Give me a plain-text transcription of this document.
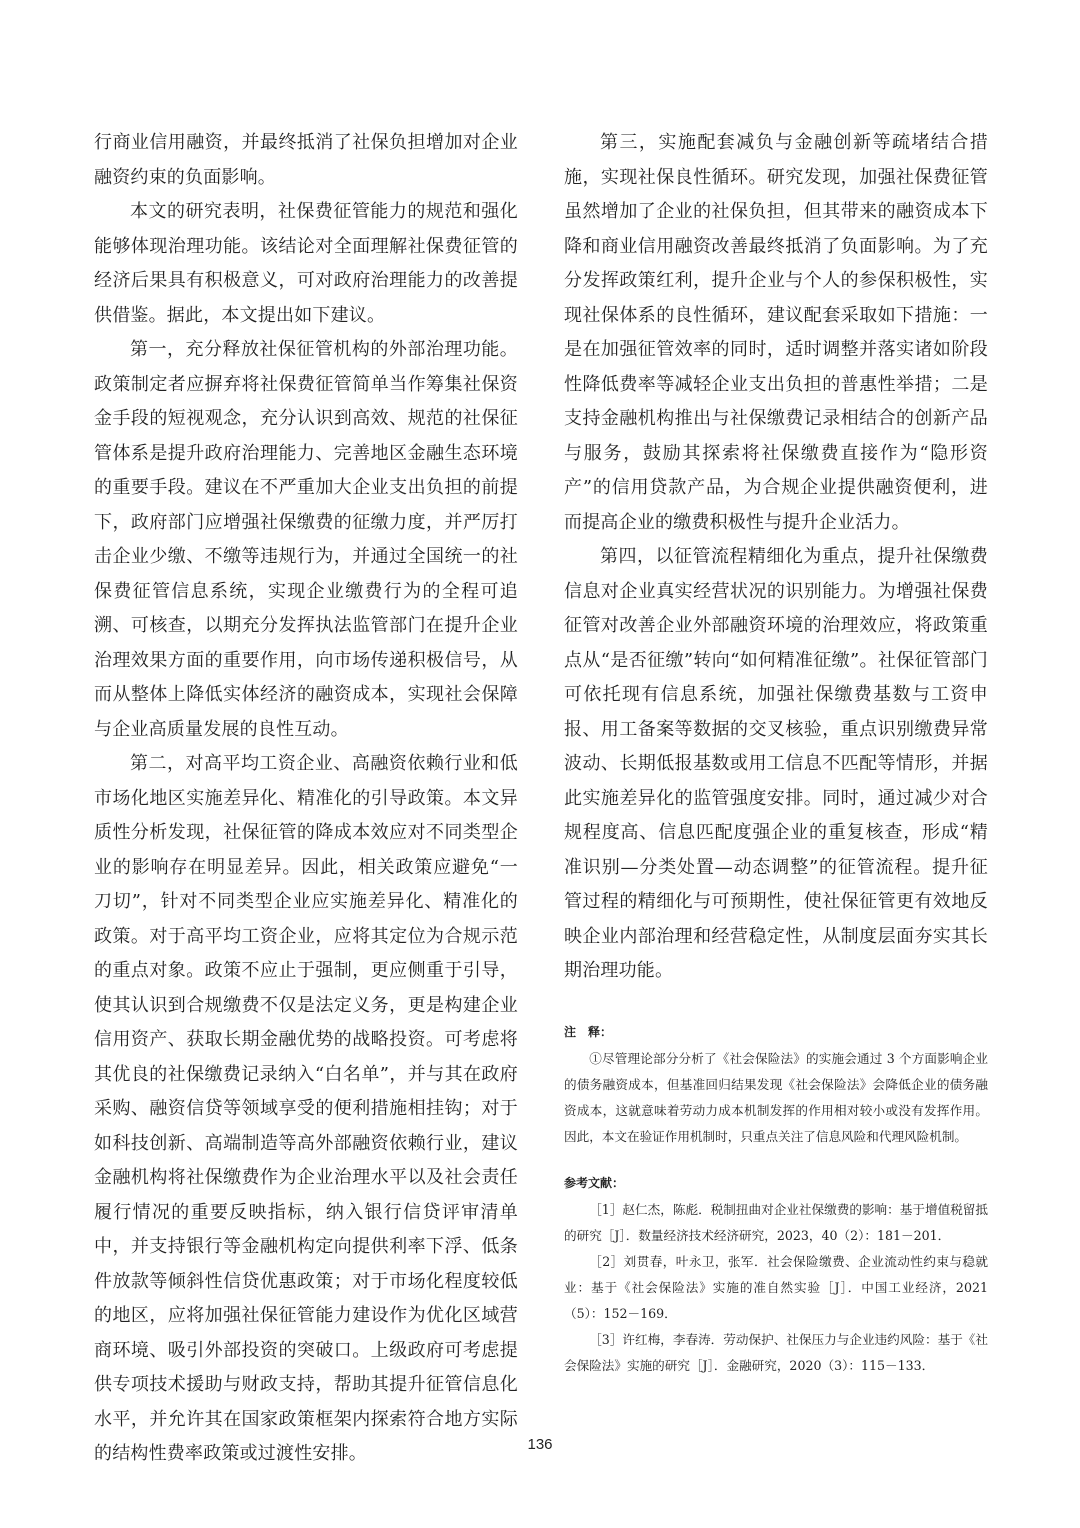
行商业信用融资，并最终抵消了社保负担增加对企业融资约束的负面影响。

本文的研究表明，社保费征管能力的规范和强化能够体现治理功能。该结论对全面理解社保费征管的经济后果具有积极意义，可对政府治理能力的改善提供借鉴。据此，本文提出如下建议。

第一，充分释放社保征管机构的外部治理功能。政策制定者应摒弃将社保费征管简单当作筹集社保资金手段的短视观念，充分认识到高效、规范的社保征管体系是提升政府治理能力、完善地区金融生态环境的重要手段。建议在不严重加大企业支出负担的前提下，政府部门应增强社保缴费的征缴力度，并严厉打击企业少缴、不缴等违规行为，并通过全国统一的社保费征管信息系统，实现企业缴费行为的全程可追溯、可核查，以期充分发挥执法监管部门在提升企业治理效果方面的重要作用，向市场传递积极信号，从而从整体上降低实体经济的融资成本，实现社会保障与企业高质量发展的良性互动。

第二，对高平均工资企业、高融资依赖行业和低市场化地区实施差异化、精准化的引导政策。本文异质性分析发现，社保征管的降成本效应对不同类型企业的影响存在明显差异。因此，相关政策应避免“一刀切”，针对不同类型企业应实施差异化、精准化的政策。对于高平均工资企业，应将其定位为合规示范的重点对象。政策不应止于强制，更应侧重于引导，使其认识到合规缴费不仅是法定义务，更是构建企业信用资产、获取长期金融优势的战略投资。可考虑将其优良的社保缴费记录纳入“白名单”，并与其在政府采购、融资信贷等领域享受的便利措施相挂钩；对于如科技创新、高端制造等高外部融资依赖行业，建议金融机构将社保缴费作为企业治理水平以及社会责任履行情况的重要反映指标，纳入银行信贷评审清单中，并支持银行等金融机构定向提供利率下浮、低条件放款等倾斜性信贷优惠政策；对于市场化程度较低的地区，应将加强社保征管能力建设作为优化区域营商环境、吸引外部投资的突破口。上级政府可考虑提供专项技术援助与财政支持，帮助其提升征管信息化水平，并允许其在国家政策框架内探索符合地方实际的结构性费率政策或过渡性安排。

第三，实施配套减负与金融创新等疏堵结合措施，实现社保良性循环。研究发现，加强社保费征管虽然增加了企业的社保负担，但其带来的融资成本下降和商业信用融资改善最终抵消了负面影响。为了充分发挥政策红利，提升企业与个人的参保积极性，实现社保体系的良性循环，建议配套采取如下措施：一是在加强征管效率的同时，适时调整并落实诸如阶段性降低费率等减轻企业支出负担的普惠性举措；二是支持金融机构推出与社保缴费记录相结合的创新产品与服务，鼓励其探索将社保缴费直接作为“隐形资产”的信用贷款产品，为合规企业提供融资便利，进而提高企业的缴费积极性与提升企业活力。

第四，以征管流程精细化为重点，提升社保缴费信息对企业真实经营状况的识别能力。为增强社保费征管对改善企业外部融资环境的治理效应，将政策重点从“是否征缴”转向“如何精准征缴”。社保征管部门可依托现有信息系统，加强社保缴费基数与工资申报、用工备案等数据的交叉核验，重点识别缴费异常波动、长期低报基数或用工信息不匹配等情形，并据此实施差异化的监管强度安排。同时，通过减少对合规程度高、信息匹配度强企业的重复核查，形成“精准识别—分类处置—动态调整”的征管流程。提升征管过程的精细化与可预期性，使社保征管更有效地反映企业内部治理和经营稳定性，从制度层面夯实其长期治理功能。

注　释：

①尽管理论部分分析了《社会保险法》的实施会通过 3 个方面影响企业的债务融资成本，但基准回归结果发现《社会保险法》会降低企业的债务融资成本，这就意味着劳动力成本机制发挥的作用相对较小或没有发挥作用。因此，本文在验证作用机制时，只重点关注了信息风险和代理风险机制。

参考文献：

［1］赵仁杰，陈彪．税制扭曲对企业社保缴费的影响：基于增值税留抵的研究［J］．数量经济技术经济研究，2023，40（2）：181－201．

［2］刘贯春，叶永卫，张军．社会保险缴费、企业流动性约束与稳就业：基于《社会保险法》实施的准自然实验［J］．中国工业经济，2021（5）：152－169．

［3］许红梅，李春涛．劳动保护、社保压力与企业违约风险：基于《社会保险法》实施的研究［J］．金融研究，2020（3）：115－133．

136
